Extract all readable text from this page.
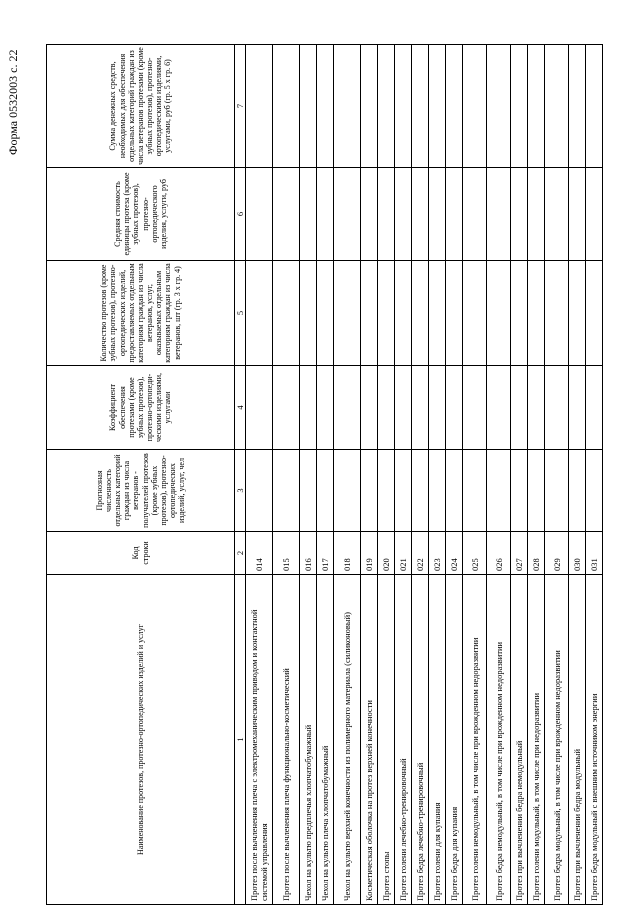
Форма 0532003 с. 22
Наименование протезов, протезно-ортопедических изделий и услуг	Код строки	Прогнозная численность отдельных категорий граждан из числа ветеранов - получателей протезов (кроме зубных протезов), протезно-ортопедических изделий, услуг, чел	Коэффициент обеспечения протезами (кроме зубных протезов), протезно-ортопеди-ческими изделиями, услугами	Количество протезов (кроме зубных протезов), протезно-ортопедических изделий, предоставляемых отдельным категориям граждан из числа ветеранов, услуг, оказываемых отдельным категориям граждан из числа ветеранов, шт (гр. 3 x гр. 4)	Средняя стоимость единицы протеза (кроме зубных протезов), протезно-ортопедического изделия, услуги, руб	Сумма денежных средств, необходимых для обеспечения отдельных категорий граждан из числа ветеранов протезами (кроме зубных протезов), протезно-ортопедическими изделиями, услугами, руб (гр. 5 x гр. 6)
1	2	3	4	5	6	7
Протез после вычленения плеча с электромеханическим приводом и контактной системой управления	014					
Протез после вычленения плеча функционально-косметический	015					
Чехол на культю предплечья хлопчатобумажный	016					
Чехол на культю плеча хлопчатобумажный	017					
Чехол на культю верхней конечности из полимерного материала (силиконовый)	018					
Косметическая оболочка на протез верхней конечности	019					
Протез стопы	020					
Протез голени лечебно-тренировочный	021					
Протез бедра лечебно-тренировочный	022					
Протез голени для купания	023					
Протез бедра для купания	024					
Протез голени немодульный, в том числе при врожденном недоразвитии	025					
Протез бедра немодульный, в том числе при врожденном недоразвитии	026					
Протез при вычленении бедра немодульный	027					
Протез голени модульный, в том числе при недоразвитии	028					
Протез бедра модульный, в том числе при врожденном недоразвитии	029					
Протез при вычленении бедра модульный	030					
Протез бедра модульный с внешним источником энергии	031					
